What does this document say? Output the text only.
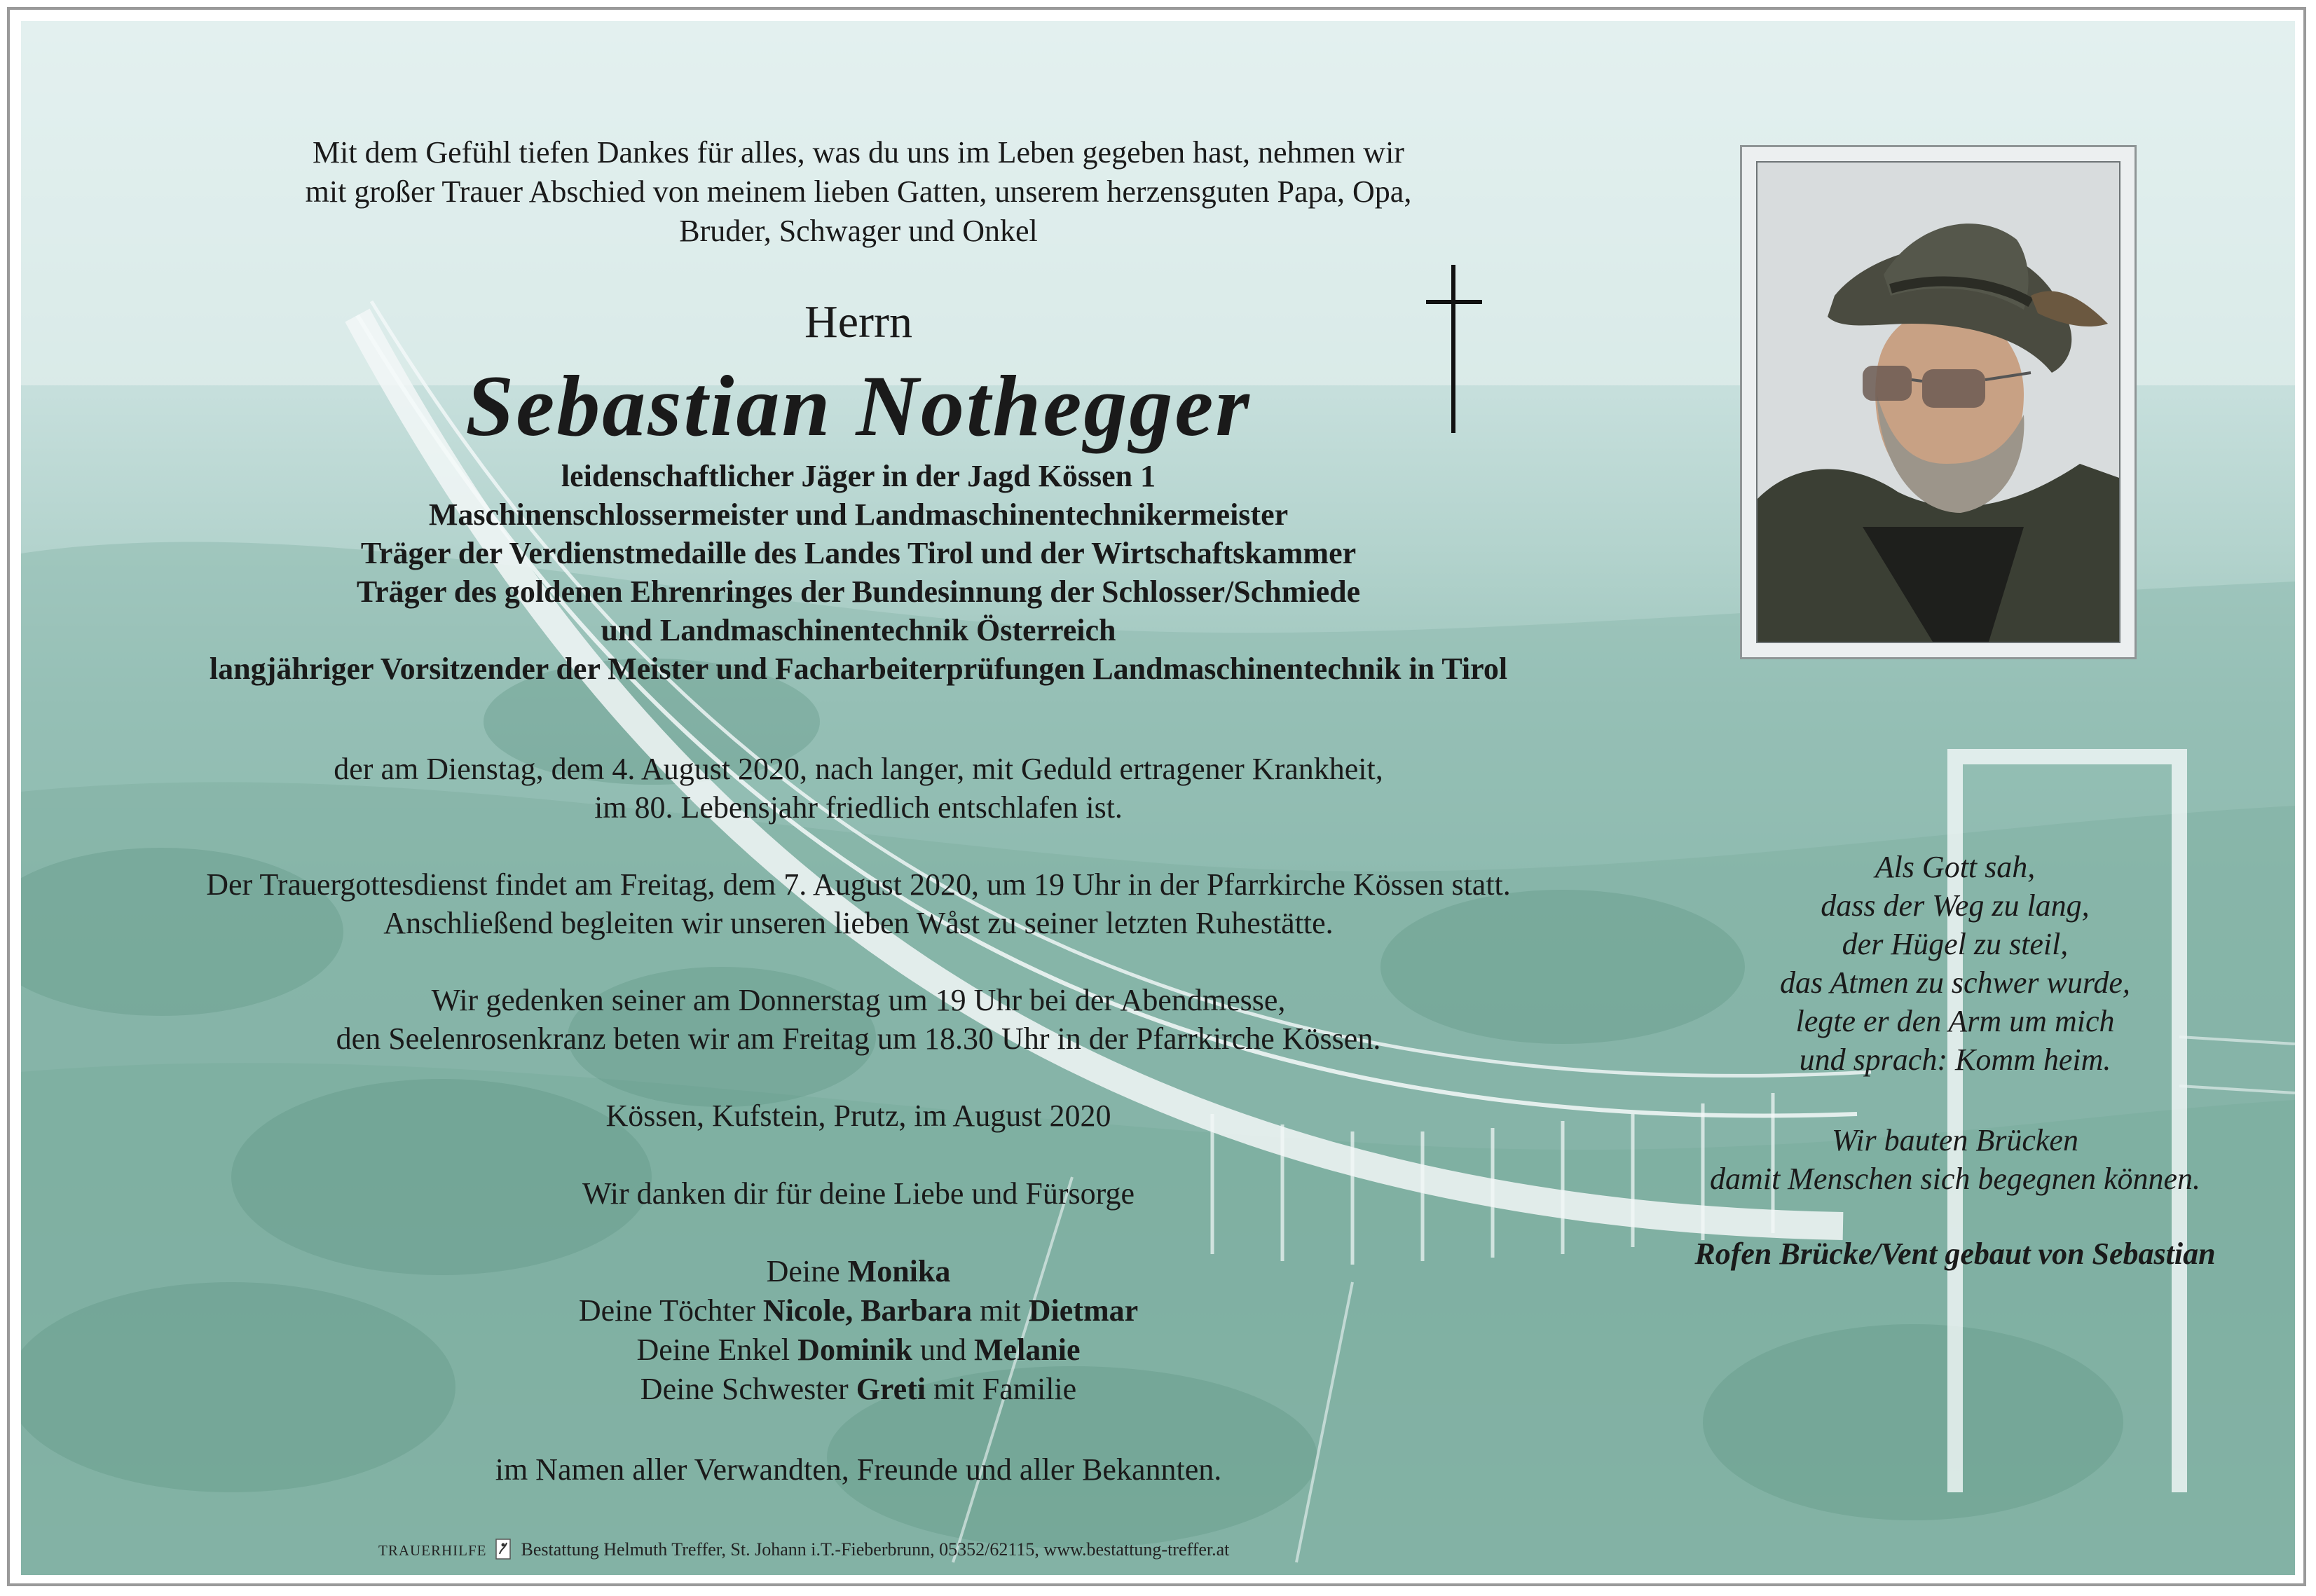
Mit dem Gefühl tiefen Dankes für alles, was du uns im Leben gegeben hast, nehmen wir
mit großer Trauer Abschied von meinem lieben Gatten, unserem herzensguten Papa, Opa,
Bruder, Schwager und Onkel
Herrn
Sebastian Nothegger
leidenschaftlicher Jäger in der Jagd Kössen 1
Maschinenschlossermeister und Landmaschinentechnikermeister
Träger der Verdienstmedaille des Landes Tirol und der Wirtschaftskammer
Träger des goldenen Ehrenringes der Bundesinnung der Schlosser/Schmiede
und Landmaschinentechnik Österreich
langjähriger Vorsitzender der Meister und Facharbeiterprüfungen Landmaschinentechnik in Tirol
der am Dienstag, dem 4. August 2020, nach langer, mit Geduld ertragener Krankheit,
im 80. Lebensjahr friedlich entschlafen ist.
Der Trauergottesdienst findet am Freitag, dem 7. August 2020, um 19 Uhr in der Pfarrkirche Kössen statt.
Anschließend begleiten wir unseren lieben Wåst zu seiner letzten Ruhestätte.
Wir gedenken seiner am Donnerstag um 19 Uhr bei der Abendmesse,
den Seelenrosenkranz beten wir am Freitag um 18.30 Uhr in der Pfarrkirche Kössen.
Kössen, Kufstein, Prutz, im August 2020
Wir danken dir für deine Liebe und Fürsorge
Deine Monika
Deine Töchter Nicole, Barbara mit Dietmar
Deine Enkel Dominik und Melanie
Deine Schwester Greti mit Familie
im Namen aller Verwandten, Freunde und aller Bekannten.
TRAUERHILFE Bestattung Helmuth Treffer, St. Johann i.T.-Fieberbrunn, 05352/62115, www.bestattung-treffer.at
Als Gott sah,
dass der Weg zu lang,
der Hügel zu steil,
das Atmen zu schwer wurde,
legte er den Arm um mich
und sprach: Komm heim.
Wir bauten Brücken
damit Menschen sich begegnen können.
Rofen Brücke/Vent gebaut von Sebastian
